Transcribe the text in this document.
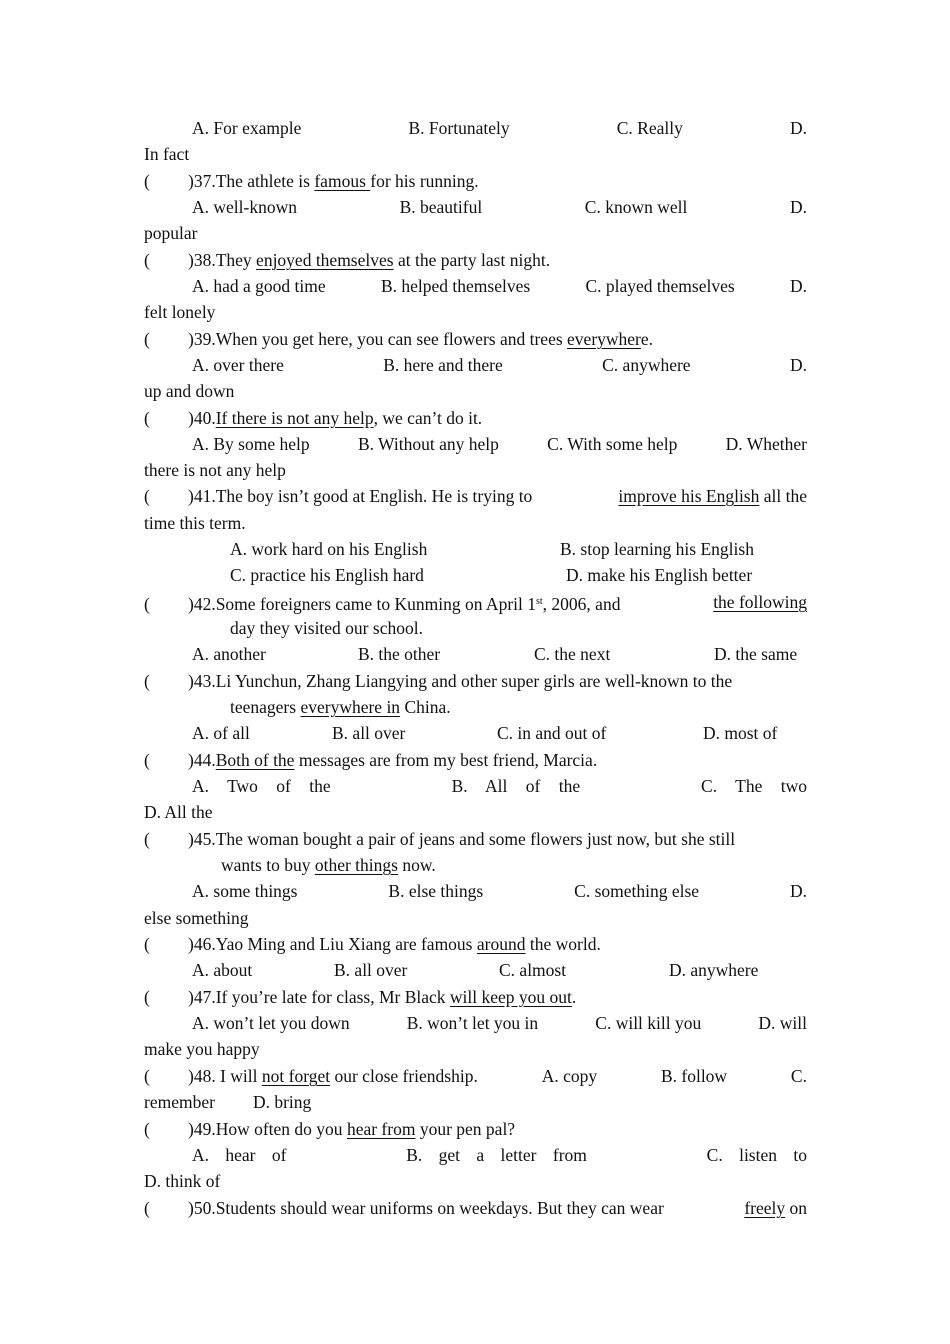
A. For example	B. Fortunately	C. Really	D.
In fact
( )37.The athlete is famous for his running.
A. well-known	B. beautiful	C. known well	D.
popular
( )38.They enjoyed themselves at the party last night.
A. had a good time	B. helped themselves	C. played themselves	D.
felt lonely
( )39.When you get here, you can see flowers and trees everywhere.
A. over there	B. here and there	C. anywhere	D.
up and down
( )40.If there is not any help, we can’t do it.
A. By some help	B. Without any help	C. With some help	D. Whether
there is not any help
( )41.The boy isn’t good at English. He is trying to	improve his English all the
time this term.
A. work hard on his English	B. stop learning his English
C. practice his English hard	D. make his English better
( )42.Some foreigners came to Kunming on April 1st, 2006, and	the following
day they visited our school.
A. another	B. the other	C. the next	D. the same
( )43.Li Yunchun, Zhang Liangying and other super girls are well-known to the
teenagers everywhere in China.
A. of all	B. all over	C. in and out of	D. most of
( )44.Both of the messages are from my best friend, Marcia.
A. Two of the	B. All of the	C. The two
D. All the
( )45.The woman bought a pair of jeans and some flowers just now, but she still
wants to buy other things now.
A. some things	B. else things	C. something else	D.
else something
( )46.Yao Ming and Liu Xiang are famous around the world.
A. about	B. all over	C. almost	D. anywhere
( )47.If you’re late for class, Mr Black will keep you out.
A. won’t let you down	B. won’t let you in	C. will kill you	D. will
make you happy
( )48. I will not forget our close friendship.	A. copy	B. follow	C.
remember D. bring
( )49.How often do you hear from your pen pal?
A. hear of	B. get a letter from	C. listen to
D. think of
( )50.Students should wear uniforms on weekdays. But they can wear	freely on
